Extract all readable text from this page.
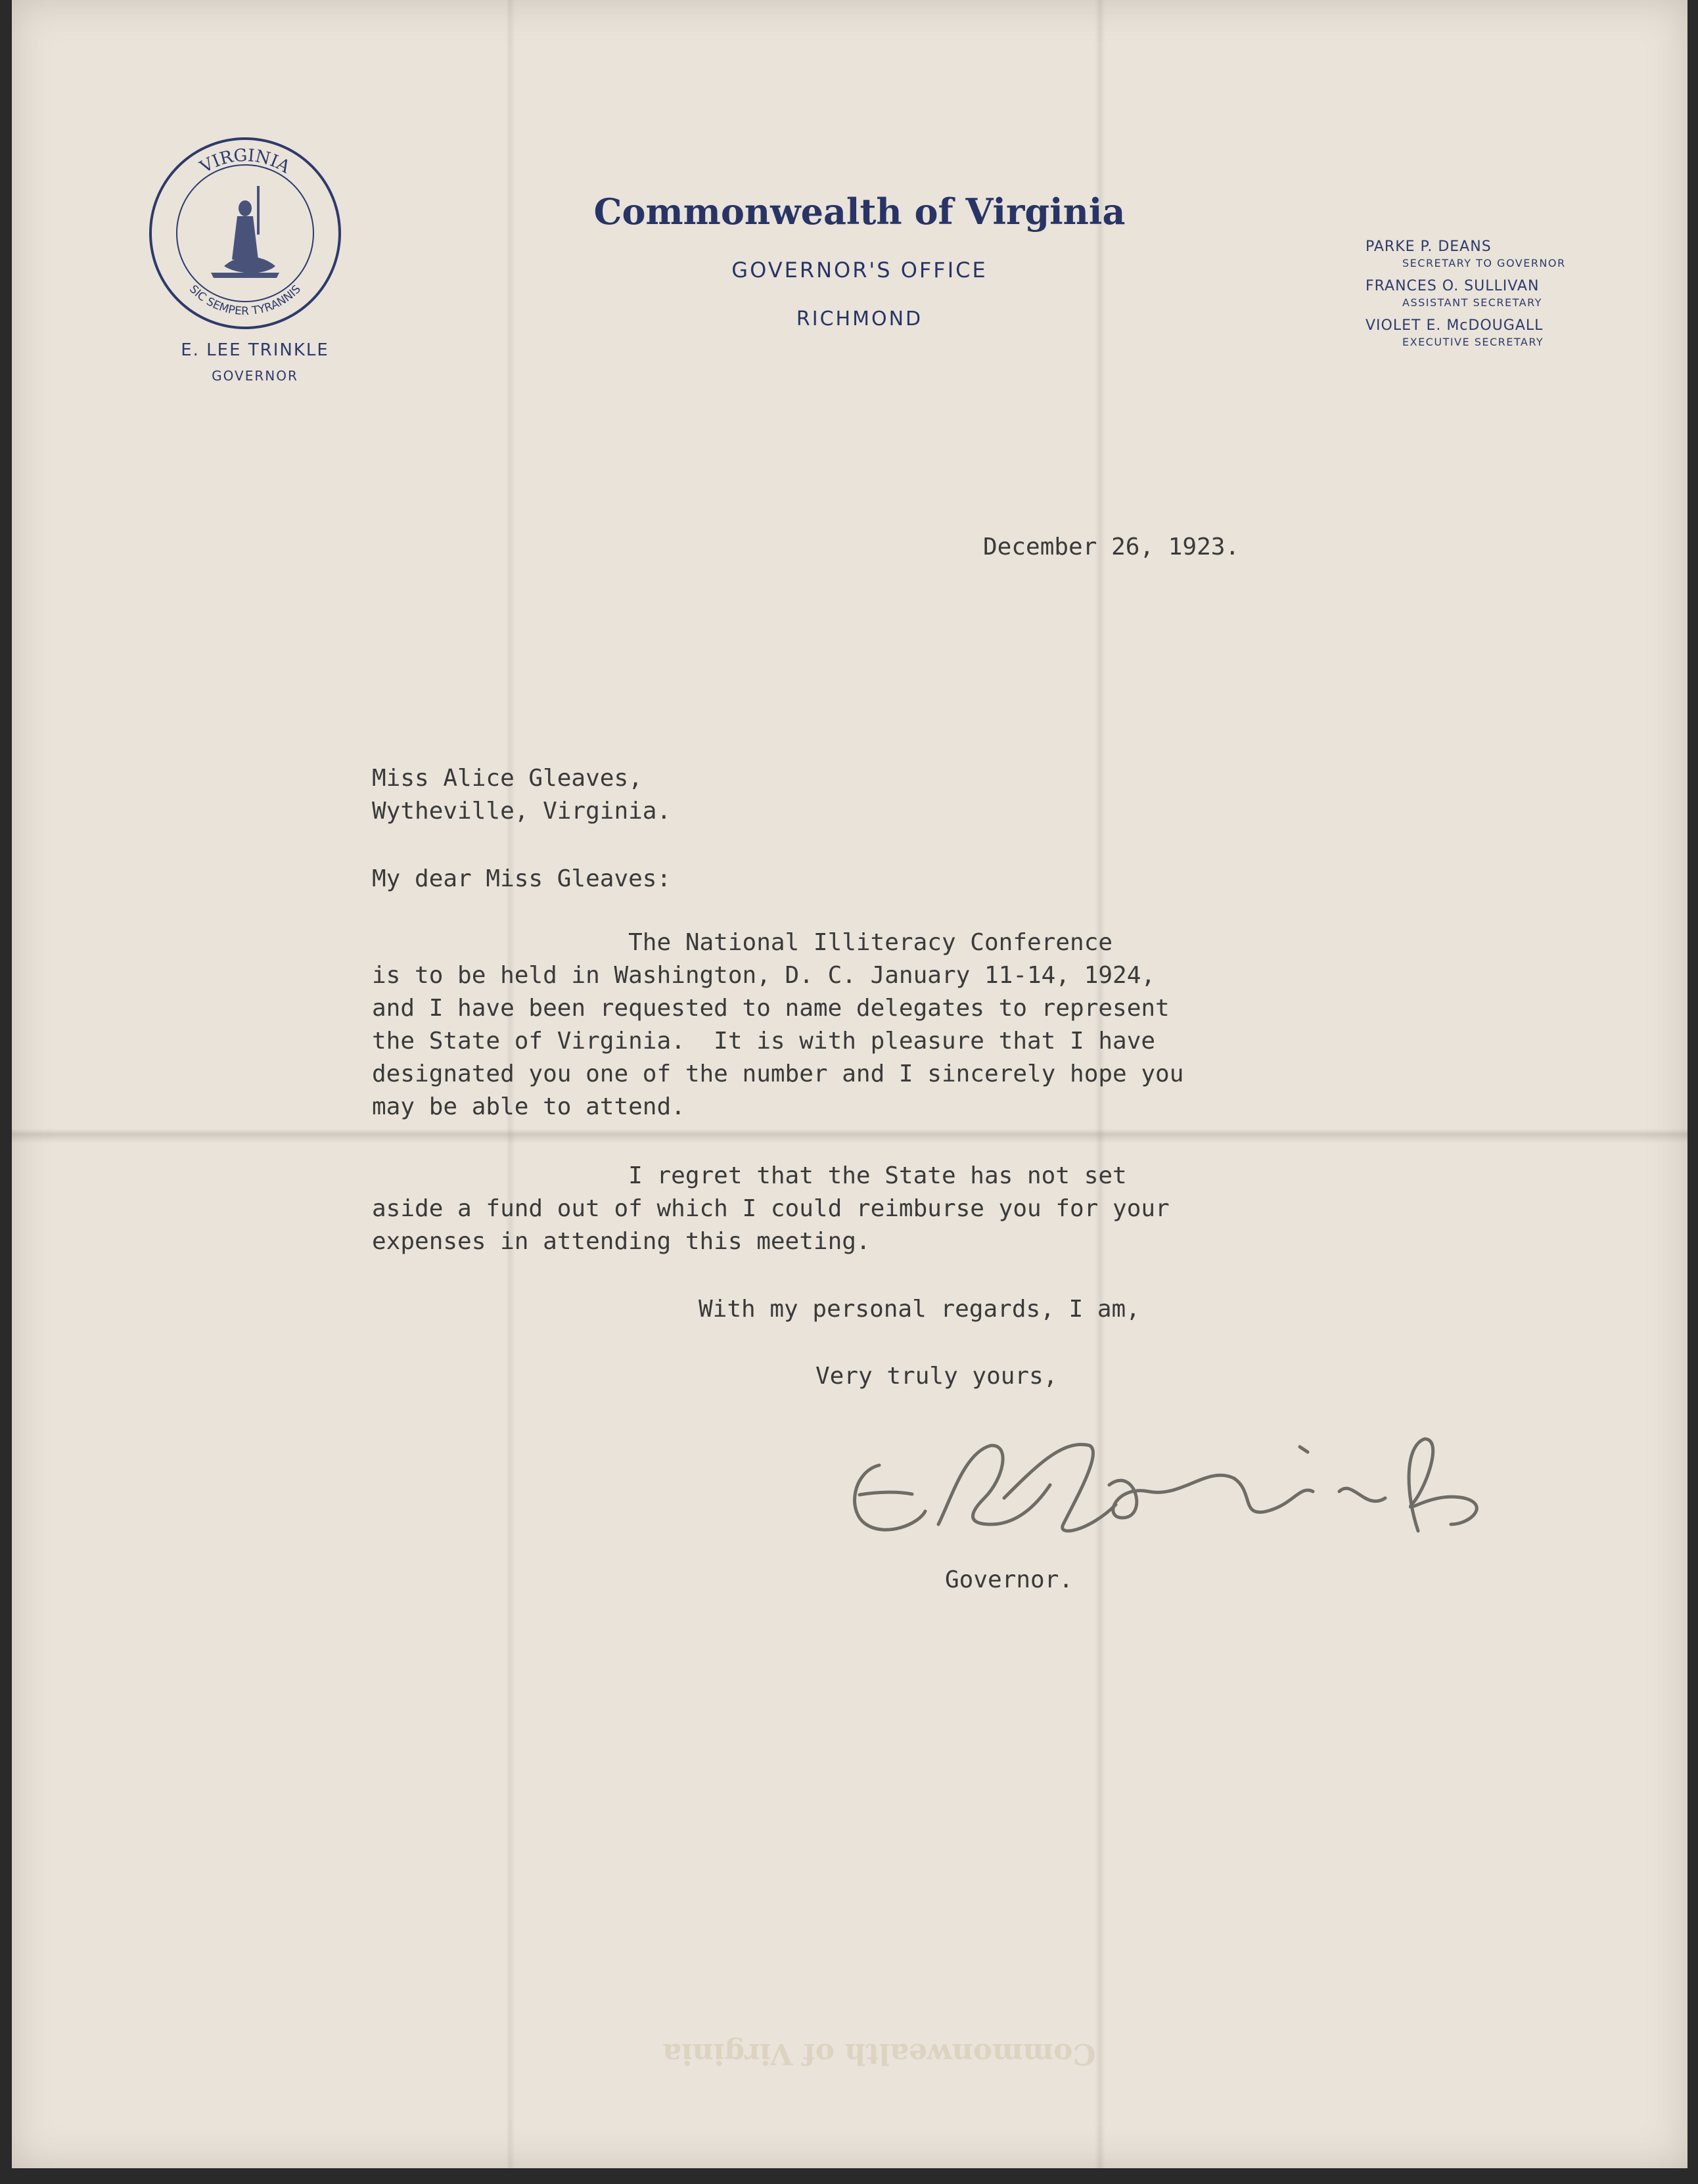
VIRGINIA
SIC SEMPER TYRANNIS
E. LEE TRINKLE
GOVERNOR
Commonwealth of Virginia
GOVERNOR'S OFFICE
RICHMOND
PARKE P. DEANS
SECRETARY TO GOVERNOR
FRANCES O. SULLIVAN
ASSISTANT SECRETARY
VIOLET E. McDOUGALL
EXECUTIVE SECRETARY
December 26, 1923.
Miss Alice Gleaves,
Wytheville, Virginia.
My dear Miss Gleaves:
The National Illiteracy Conference
is to be held in Washington, D. C. January 11-14, 1924,
and I have been requested to name delegates to represent
the State of Virginia.  It is with pleasure that I have
designated you one of the number and I sincerely hope you
may be able to attend.
I regret that the State has not set
aside a fund out of which I could reimburse you for your
expenses in attending this meeting.
With my personal regards, I am,
Very truly yours,
Governor.
Commonwealth of Virginia
